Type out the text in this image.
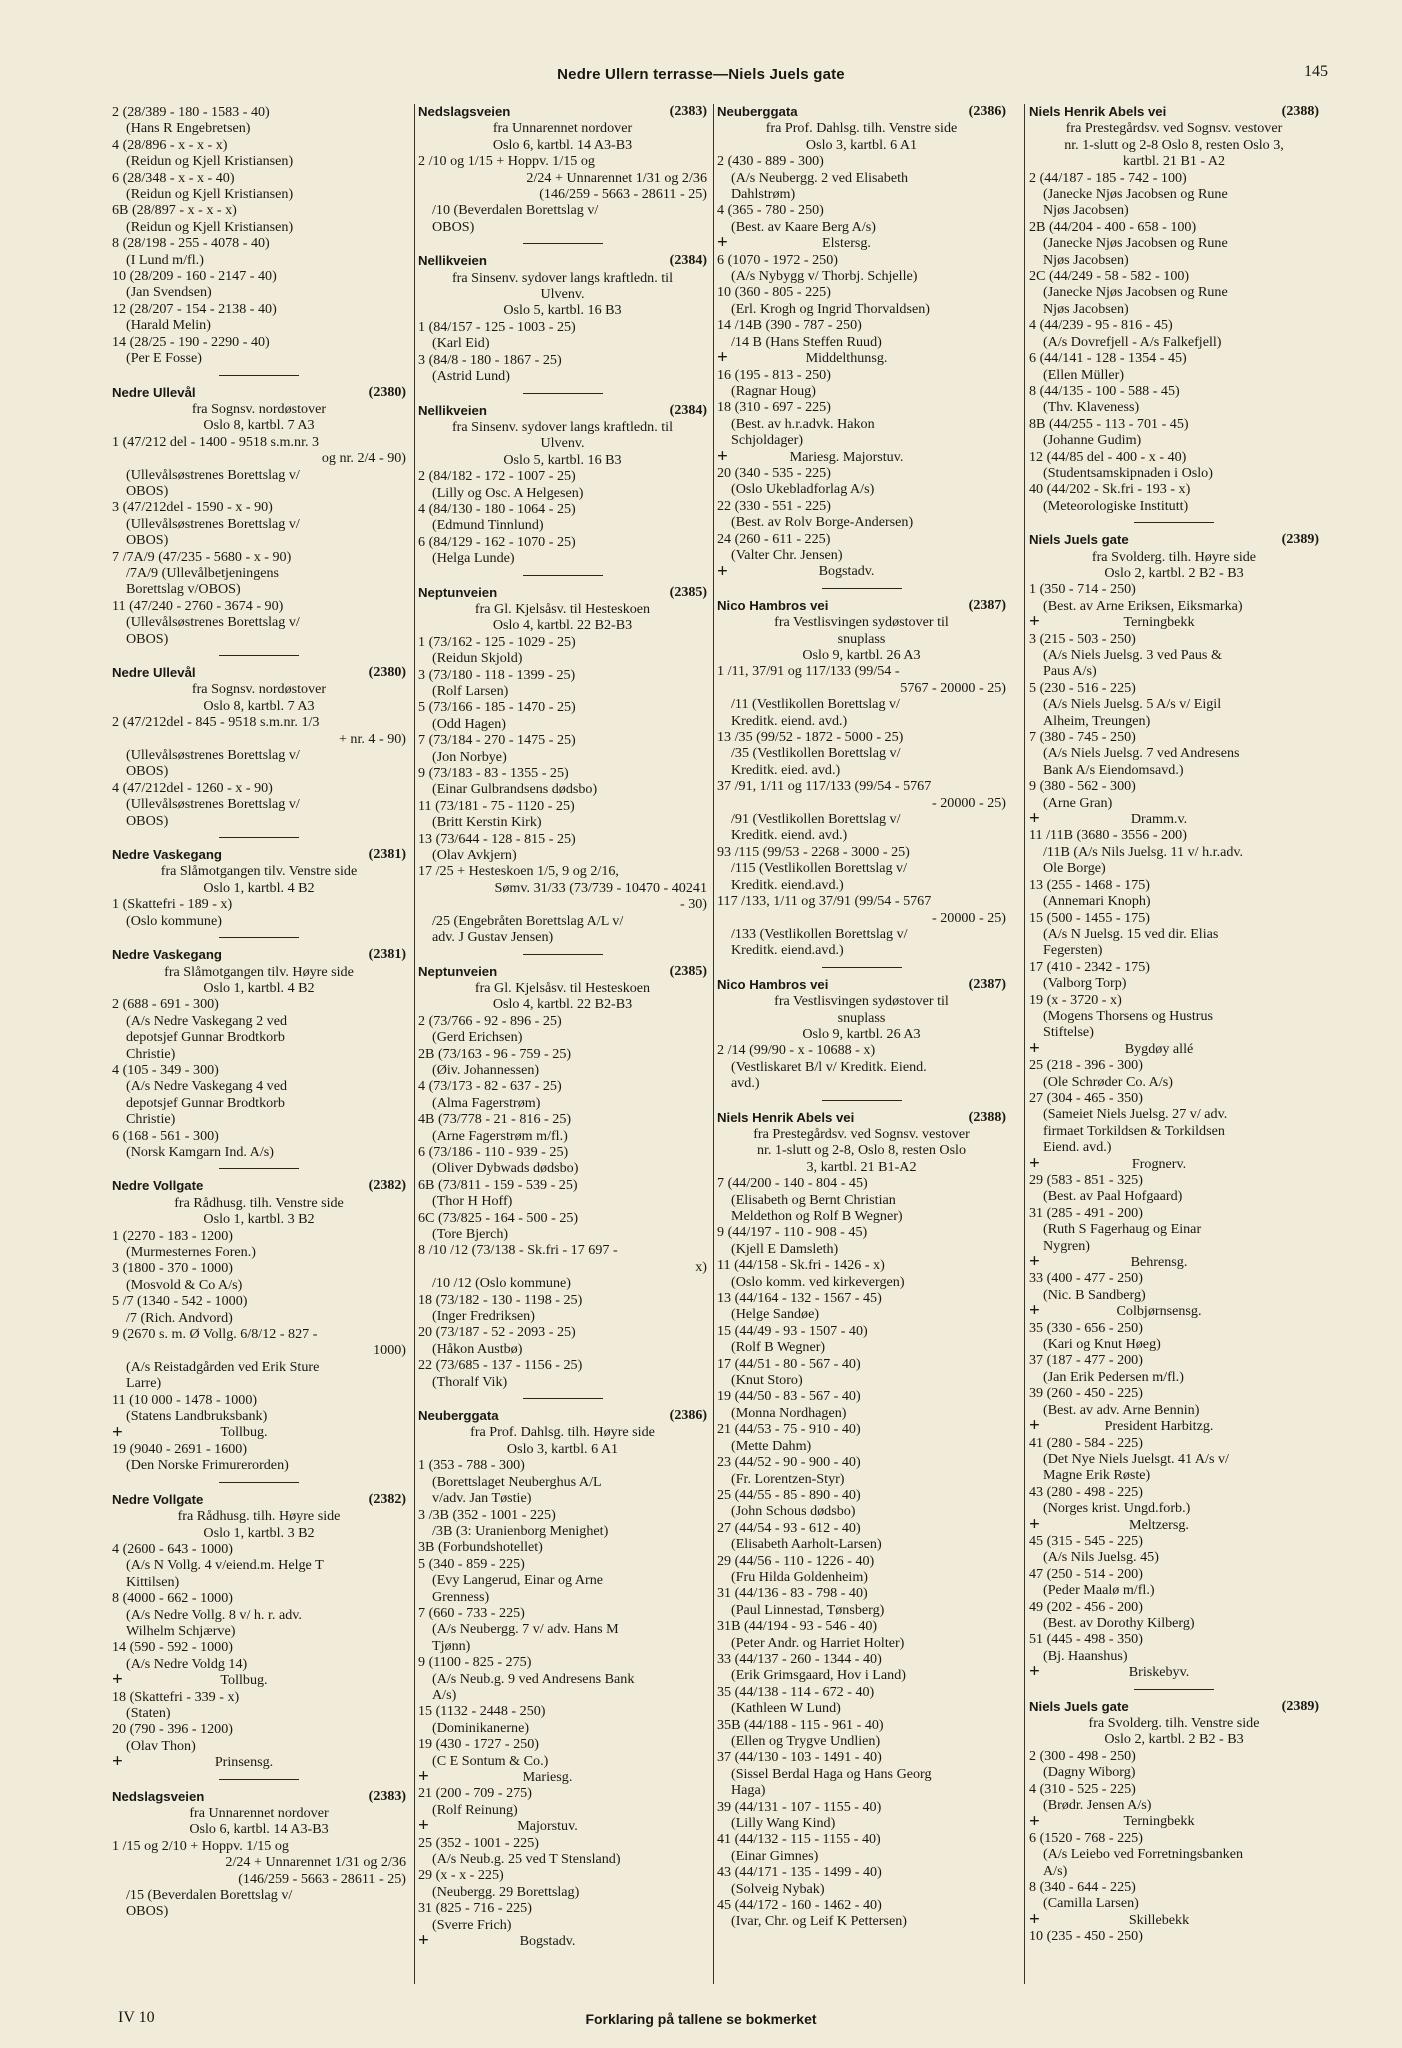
Nedre Ullern terrasse—Niels Juels gate	145
2 (28/389 - 180 - 1583 - 40)
(Hans R Engebretsen)
4 (28/896 - x - x - x)
(Reidun og Kjell Kristiansen)
6 (28/348 - x - x - 40)
(Reidun og Kjell Kristiansen)
6B (28/897 - x - x - x)
(Reidun og Kjell Kristiansen)
8 (28/198 - 255 - 4078 - 40)
(I Lund m/fl.)
10 (28/209 - 160 - 2147 - 40)
(Jan Svendsen)
12 (28/207 - 154 - 2138 - 40)
(Harald Melin)
14 (28/25 - 190 - 2290 - 40)
(Per E Fosse)
Nedre Ullevål	(2380)
fra Sognsv. nordøstover
Oslo 8, kartbl. 7 A3
1 (47/212 del - 1400 - 9518 s.m.nr. 3
og nr. 2/4 - 90)
(Ullevålsøstrenes Borettslag v/
OBOS)
3 (47/212del - 1590 - x - 90)
(Ullevålsøstrenes Borettslag v/
OBOS)
7 /7A/9 (47/235 - 5680 - x - 90)
/7A/9 (Ullevålbetjeningens
Borettslag v/OBOS)
11 (47/240 - 2760 - 3674 - 90)
(Ullevålsøstrenes Borettslag v/
OBOS)
Nedre Ullevål	(2380)
fra Sognsv. nordøstover
Oslo 8, kartbl. 7 A3
2 (47/212del - 845 - 9518 s.m.nr. 1/3
+ nr. 4 - 90)
(Ullevålsøstrenes Borettslag v/
OBOS)
4 (47/212del - 1260 - x - 90)
(Ullevålsøstrenes Borettslag v/
OBOS)
Nedre Vaskegang	(2381)
fra Slåmotgangen tilv. Venstre side
Oslo 1, kartbl. 4 B2
1 (Skattefri - 189 - x)
(Oslo kommune)
Nedre Vaskegang	(2381)
fra Slåmotgangen tilv. Høyre side
Oslo 1, kartbl. 4 B2
2 (688 - 691 - 300)
(A/s Nedre Vaskegang 2 ved
depotsjef Gunnar Brodtkorb
Christie)
4 (105 - 349 - 300)
(A/s Nedre Vaskegang 4 ved
depotsjef Gunnar Brodtkorb
Christie)
6 (168 - 561 - 300)
(Norsk Kamgarn Ind. A/s)
Nedre Vollgate	(2382)
fra Rådhusg. tilh. Venstre side
Oslo 1, kartbl. 3 B2
1 (2270 - 183 - 1200)
(Murmesternes Foren.)
3 (1800 - 370 - 1000)
(Mosvold & Co A/s)
5 /7 (1340 - 542 - 1000)
/7 (Rich. Andvord)
9 (2670 s. m. Ø Vollg. 6/8/12 - 827 -
1000)
(A/s Reistadgården ved Erik Sture
Larre)
11 (10 000 - 1478 - 1000)
(Statens Landbruksbank)
+	Tollbug.
19 (9040 - 2691 - 1600)
(Den Norske Frimurerorden)
Nedre Vollgate	(2382)
fra Rådhusg. tilh. Høyre side
Oslo 1, kartbl. 3 B2
4 (2600 - 643 - 1000)
(A/s N Vollg. 4 v/eiend.m. Helge T
Kittilsen)
8 (4000 - 662 - 1000)
(A/s Nedre Vollg. 8 v/ h. r. adv.
Wilhelm Schjærve)
14 (590 - 592 - 1000)
(A/s Nedre Voldg 14)
+	Tollbug.
18 (Skattefri - 339 - x)
(Staten)
20 (790 - 396 - 1200)
(Olav Thon)
+	Prinsensg.
Nedslagsveien	(2383)
fra Unnarennet nordover
Oslo 6, kartbl. 14 A3-B3
1 /15 og 2/10 + Hoppv. 1/15 og
2/24 + Unnarennet 1/31 og 2/36
(146/259 - 5663 - 28611 - 25)
/15 (Beverdalen Borettslag v/
OBOS)
Nedslagsveien	(2383)
fra Unnarennet nordover
Oslo 6, kartbl. 14 A3-B3
2 /10 og 1/15 + Hoppv. 1/15 og
2/24 + Unnarennet 1/31 og 2/36
(146/259 - 5663 - 28611 - 25)
/10 (Beverdalen Borettslag v/
OBOS)
Nellikveien	(2384)
fra Sinsenv. sydover langs kraftledn. til
Ulvenv.
Oslo 5, kartbl. 16 B3
1 (84/157 - 125 - 1003 - 25)
(Karl Eid)
3 (84/8 - 180 - 1867 - 25)
(Astrid Lund)
Nellikveien	(2384)
fra Sinsenv. sydover langs kraftledn. til
Ulvenv.
Oslo 5, kartbl. 16 B3
2 (84/182 - 172 - 1007 - 25)
(Lilly og Osc. A Helgesen)
4 (84/130 - 180 - 1064 - 25)
(Edmund Tinnlund)
6 (84/129 - 162 - 1070 - 25)
(Helga Lunde)
Neptunveien	(2385)
fra Gl. Kjelsåsv. til Hesteskoen
Oslo 4, kartbl. 22 B2-B3
1 (73/162 - 125 - 1029 - 25)
(Reidun Skjold)
3 (73/180 - 118 - 1399 - 25)
(Rolf Larsen)
5 (73/166 - 185 - 1470 - 25)
(Odd Hagen)
7 (73/184 - 270 - 1475 - 25)
(Jon Norbye)
9 (73/183 - 83 - 1355 - 25)
(Einar Gulbrandsens dødsbo)
11 (73/181 - 75 - 1120 - 25)
(Britt Kerstin Kirk)
13 (73/644 - 128 - 815 - 25)
(Olav Avkjern)
17 /25 + Hesteskoen 1/5, 9 og 2/16,
Sømv. 31/33 (73/739 - 10470 - 40241
- 30)
/25 (Engebråten Borettslag A/L v/
adv. J Gustav Jensen)
Neptunveien	(2385)
fra Gl. Kjelsåsv. til Hesteskoen
Oslo 4, kartbl. 22 B2-B3
2 (73/766 - 92 - 896 - 25)
(Gerd Erichsen)
2B (73/163 - 96 - 759 - 25)
(Øiv. Johannessen)
4 (73/173 - 82 - 637 - 25)
(Alma Fagerstrøm)
4B (73/778 - 21 - 816 - 25)
(Arne Fagerstrøm m/fl.)
6 (73/186 - 110 - 939 - 25)
(Oliver Dybwads dødsbo)
6B (73/811 - 159 - 539 - 25)
(Thor H Hoff)
6C (73/825 - 164 - 500 - 25)
(Tore Bjerch)
8 /10 /12 (73/138 - Sk.fri - 17 697 -
x)
/10 /12 (Oslo kommune)
18 (73/182 - 130 - 1198 - 25)
(Inger Fredriksen)
20 (73/187 - 52 - 2093 - 25)
(Håkon Austbø)
22 (73/685 - 137 - 1156 - 25)
(Thoralf Vik)
Neuberggata	(2386)
fra Prof. Dahlsg. tilh. Høyre side
Oslo 3, kartbl. 6 A1
1 (353 - 788 - 300)
(Borettslaget Neuberghus A/L
v/adv. Jan Tøstie)
3 /3B (352 - 1001 - 225)
/3B (3: Uranienborg Menighet)
3B (Forbundshotellet)
5 (340 - 859 - 225)
(Evy Langerud, Einar og Arne
Grenness)
7 (660 - 733 - 225)
(A/s Neubergg. 7 v/ adv. Hans M
Tjønn)
9 (1100 - 825 - 275)
(A/s Neub.g. 9 ved Andresens Bank
A/s)
15 (1132 - 2448 - 250)
(Dominikanerne)
19 (430 - 1727 - 250)
(C E Sontum & Co.)
+	Mariesg.
21 (200 - 709 - 275)
(Rolf Reinung)
+	Majorstuv.
25 (352 - 1001 - 225)
(A/s Neub.g. 25 ved T Stensland)
29 (x - x - 225)
(Neubergg. 29 Borettslag)
31 (825 - 716 - 225)
(Sverre Frich)
+	Bogstadv.
Neuberggata	(2386)
fra Prof. Dahlsg. tilh. Venstre side
Oslo 3, kartbl. 6 A1
2 (430 - 889 - 300)
(A/s Neubergg. 2 ved Elisabeth
Dahlstrøm)
4 (365 - 780 - 250)
(Best. av Kaare Berg A/s)
+	Elstersg.
6 (1070 - 1972 - 250)
(A/s Nybygg v/ Thorbj. Schjelle)
10 (360 - 805 - 225)
(Erl. Krogh og Ingrid Thorvaldsen)
14 /14B (390 - 787 - 250)
/14 B (Hans Steffen Ruud)
+	Middelthunsg.
16 (195 - 813 - 250)
(Ragnar Houg)
18 (310 - 697 - 225)
(Best. av h.r.advk. Hakon
Schjoldager)
+	Mariesg. Majorstuv.
20 (340 - 535 - 225)
(Oslo Ukebladforlag A/s)
22 (330 - 551 - 225)
(Best. av Rolv Borge-Andersen)
24 (260 - 611 - 225)
(Valter Chr. Jensen)
+	Bogstadv.
Nico Hambros vei	(2387)
fra Vestlisvingen sydøstover til
snuplass
Oslo 9, kartbl. 26 A3
1 /11, 37/91 og 117/133 (99/54 -
5767 - 20000 - 25)
/11 (Vestlikollen Borettslag v/
Kreditk. eiend. avd.)
13 /35 (99/52 - 1872 - 5000 - 25)
/35 (Vestlikollen Borettslag v/
Kreditk. eied. avd.)
37 /91, 1/11 og 117/133 (99/54 - 5767
- 20000 - 25)
/91 (Vestlikollen Borettslag v/
Kreditk. eiend. avd.)
93 /115 (99/53 - 2268 - 3000 - 25)
/115 (Vestlikollen Borettslag v/
Kreditk. eiend.avd.)
117 /133, 1/11 og 37/91 (99/54 - 5767
- 20000 - 25)
/133 (Vestlikollen Borettslag v/
Kreditk. eiend.avd.)
Nico Hambros vei	(2387)
fra Vestlisvingen sydøstover til
snuplass
Oslo 9, kartbl. 26 A3
2 /14 (99/90 - x - 10688 - x)
(Vestliskaret B/l v/ Kreditk. Eiend.
avd.)
Niels Henrik Abels vei	(2388)
fra Prestegårdsv. ved Sognsv. vestover
nr. 1-slutt og 2-8, Oslo 8, resten Oslo
3, kartbl. 21 B1-A2
7 (44/200 - 140 - 804 - 45)
(Elisabeth og Bernt Christian
Meldethon og Rolf B Wegner)
9 (44/197 - 110 - 908 - 45)
(Kjell E Damsleth)
11 (44/158 - Sk.fri - 1426 - x)
(Oslo komm. ved kirkevergen)
13 (44/164 - 132 - 1567 - 45)
(Helge Sandøe)
15 (44/49 - 93 - 1507 - 40)
(Rolf B Wegner)
17 (44/51 - 80 - 567 - 40)
(Knut Storo)
19 (44/50 - 83 - 567 - 40)
(Monna Nordhagen)
21 (44/53 - 75 - 910 - 40)
(Mette Dahm)
23 (44/52 - 90 - 900 - 40)
(Fr. Lorentzen-Styr)
25 (44/55 - 85 - 890 - 40)
(John Schous dødsbo)
27 (44/54 - 93 - 612 - 40)
(Elisabeth Aarholt-Larsen)
29 (44/56 - 110 - 1226 - 40)
(Fru Hilda Goldenheim)
31 (44/136 - 83 - 798 - 40)
(Paul Linnestad, Tønsberg)
31B (44/194 - 93 - 546 - 40)
(Peter Andr. og Harriet Holter)
33 (44/137 - 260 - 1344 - 40)
(Erik Grimsgaard, Hov i Land)
35 (44/138 - 114 - 672 - 40)
(Kathleen W Lund)
35B (44/188 - 115 - 961 - 40)
(Ellen og Trygve Undlien)
37 (44/130 - 103 - 1491 - 40)
(Sissel Berdal Haga og Hans Georg
Haga)
39 (44/131 - 107 - 1155 - 40)
(Lilly Wang Kind)
41 (44/132 - 115 - 1155 - 40)
(Einar Gimnes)
43 (44/171 - 135 - 1499 - 40)
(Solveig Nybak)
45 (44/172 - 160 - 1462 - 40)
(Ivar, Chr. og Leif K Pettersen)
Niels Henrik Abels vei	(2388)
fra Prestegårdsv. ved Sognsv. vestover
nr. 1-slutt og 2-8 Oslo 8, resten Oslo 3,
kartbl. 21 B1 - A2
2 (44/187 - 185 - 742 - 100)
(Janecke Njøs Jacobsen og Rune
Njøs Jacobsen)
2B (44/204 - 400 - 658 - 100)
(Janecke Njøs Jacobsen og Rune
Njøs Jacobsen)
2C (44/249 - 58 - 582 - 100)
(Janecke Njøs Jacobsen og Rune
Njøs Jacobsen)
4 (44/239 - 95 - 816 - 45)
(A/s Dovrefjell - A/s Falkefjell)
6 (44/141 - 128 - 1354 - 45)
(Ellen Müller)
8 (44/135 - 100 - 588 - 45)
(Thv. Klaveness)
8B (44/255 - 113 - 701 - 45)
(Johanne Gudim)
12 (44/85 del - 400 - x - 40)
(Studentsamskipnaden i Oslo)
40 (44/202 - Sk.fri - 193 - x)
(Meteorologiske Institutt)
Niels Juels gate	(2389)
fra Svolderg. tilh. Høyre side
Oslo 2, kartbl. 2 B2 - B3
1 (350 - 714 - 250)
(Best. av Arne Eriksen, Eiksmarka)
+	Terningbekk
3 (215 - 503 - 250)
(A/s Niels Juelsg. 3 ved Paus &
Paus A/s)
5 (230 - 516 - 225)
(A/s Niels Juelsg. 5 A/s v/ Eigil
Alheim, Treungen)
7 (380 - 745 - 250)
(A/s Niels Juelsg. 7 ved Andresens
Bank A/s Eiendomsavd.)
9 (380 - 562 - 300)
(Arne Gran)
+	Dramm.v.
11 /11B (3680 - 3556 - 200)
/11B (A/s Nils Juelsg. 11 v/ h.r.adv.
Ole Borge)
13 (255 - 1468 - 175)
(Annemari Knoph)
15 (500 - 1455 - 175)
(A/s N Juelsg. 15 ved dir. Elias
Fegersten)
17 (410 - 2342 - 175)
(Valborg Torp)
19 (x - 3720 - x)
(Mogens Thorsens og Hustrus
Stiftelse)
+	Bygdøy allé
25 (218 - 396 - 300)
(Ole Schrøder Co. A/s)
27 (304 - 465 - 350)
(Sameiet Niels Juelsg. 27 v/ adv.
firmaet Torkildsen & Torkildsen
Eiend. avd.)
+	Frognerv.
29 (583 - 851 - 325)
(Best. av Paal Hofgaard)
31 (285 - 491 - 200)
(Ruth S Fagerhaug og Einar
Nygren)
+	Behrensg.
33 (400 - 477 - 250)
(Nic. B Sandberg)
+	Colbjørnsensg.
35 (330 - 656 - 250)
(Kari og Knut Høeg)
37 (187 - 477 - 200)
(Jan Erik Pedersen m/fl.)
39 (260 - 450 - 225)
(Best. av adv. Arne Bennin)
+	President Harbitzg.
41 (280 - 584 - 225)
(Det Nye Niels Juelsgt. 41 A/s v/
Magne Erik Røste)
43 (280 - 498 - 225)
(Norges krist. Ungd.forb.)
+	Meltzersg.
45 (315 - 545 - 225)
(A/s Nils Juelsg. 45)
47 (250 - 514 - 200)
(Peder Maalø m/fl.)
49 (202 - 456 - 200)
(Best. av Dorothy Kilberg)
51 (445 - 498 - 350)
(Bj. Haanshus)
+	Briskebyv.
Niels Juels gate	(2389)
fra Svolderg. tilh. Venstre side
Oslo 2, kartbl. 2 B2 - B3
2 (300 - 498 - 250)
(Dagny Wiborg)
4 (310 - 525 - 225)
(Brødr. Jensen A/s)
+	Terningbekk
6 (1520 - 768 - 225)
(A/s Leiebo ved Forretningsbanken
A/s)
8 (340 - 644 - 225)
(Camilla Larsen)
+	Skillebekk
10 (235 - 450 - 250)
IV 10	Forklaring på tallene se bokmerket
